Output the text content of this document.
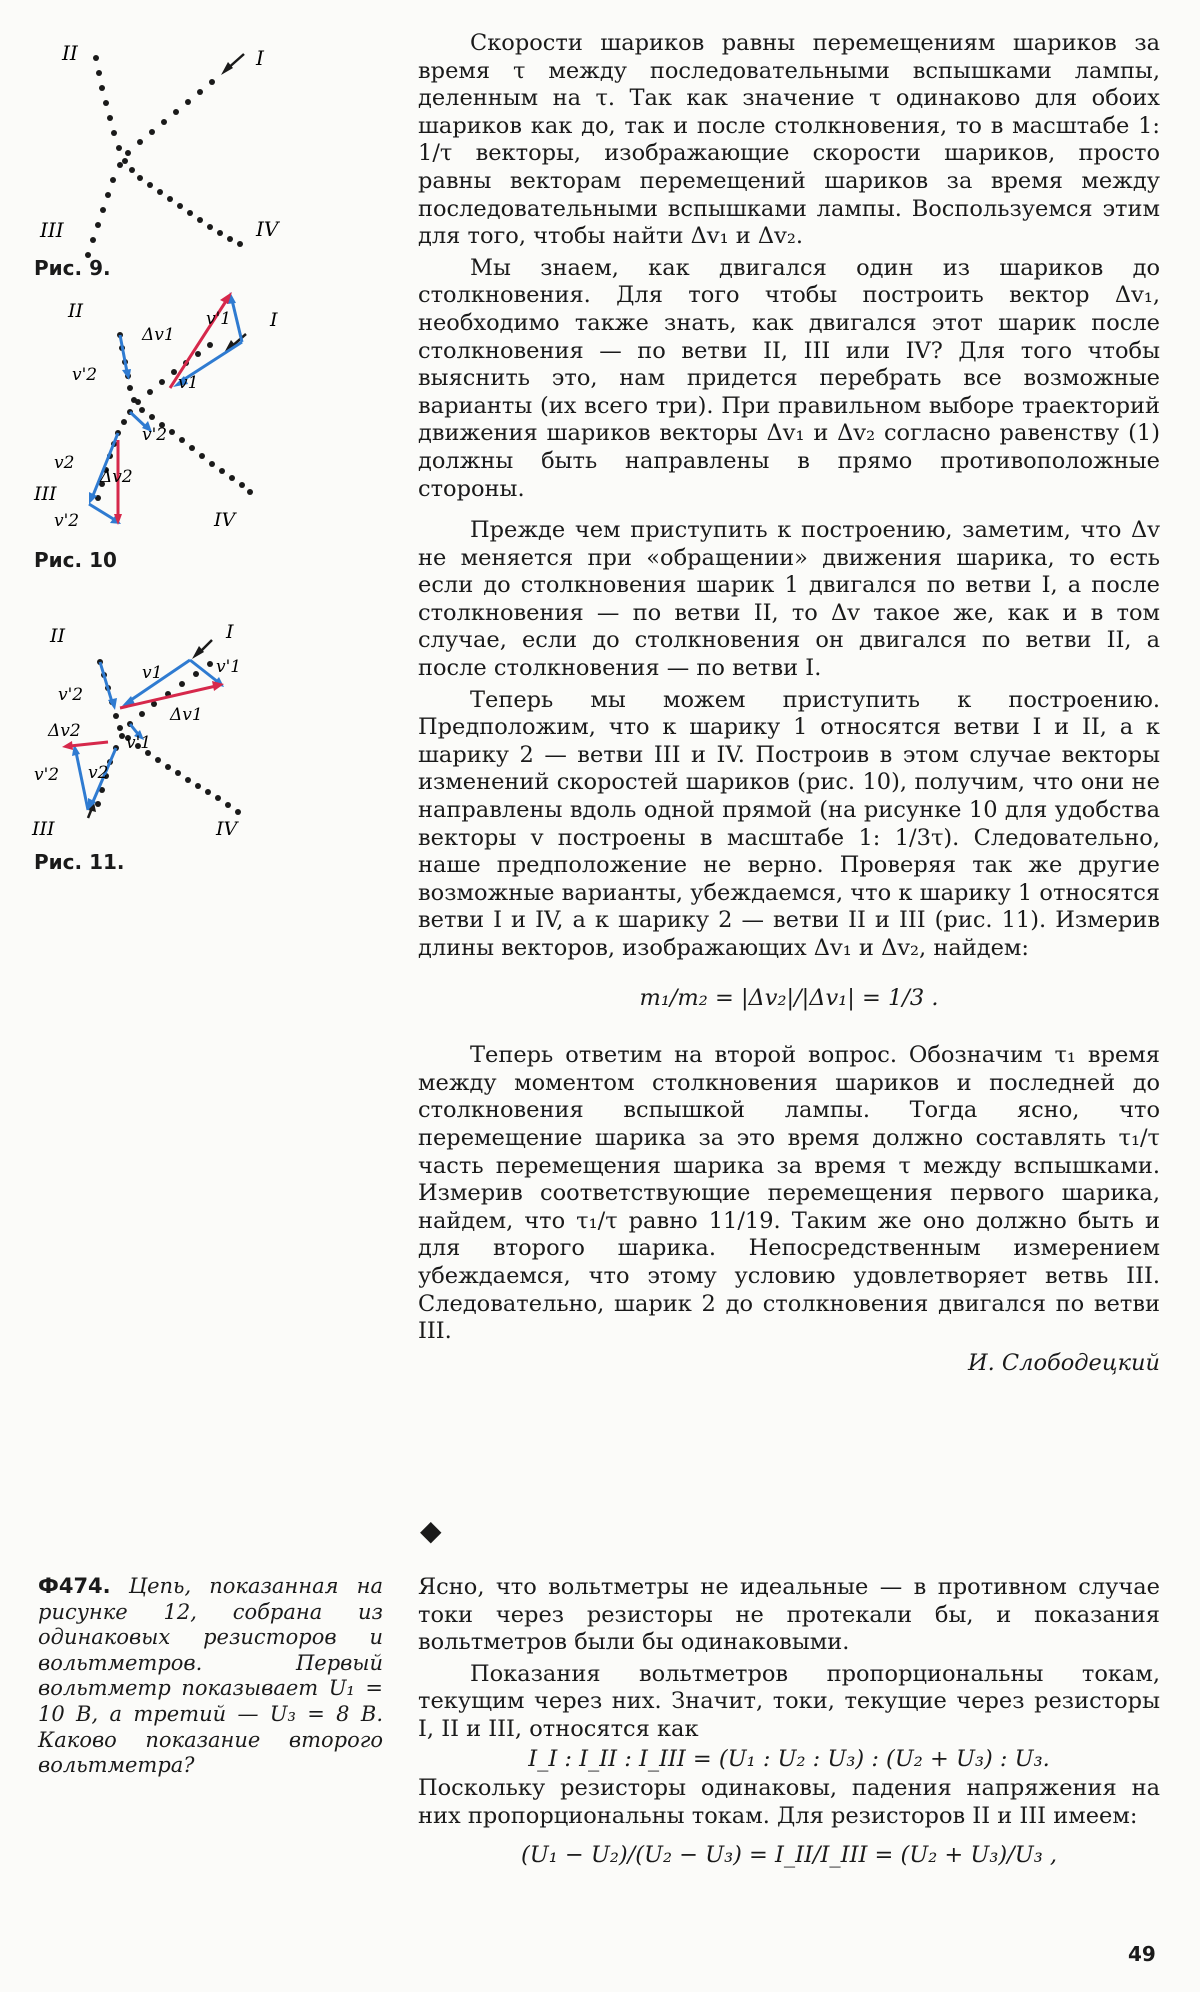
II	I
III	IV
Рис. 9.
II	I
III
IV
Δv1
v1
v'1
v'2
v'2
v2
Δv2
v'2
Рис. 10
II	I
III	IV
v1	v'1
Δv1
v'2
Δv2
v'1
v'2 v2
Рис. 11.

Скорости шариков равны перемещениям шариков за время τ между последовательными вспышками лампы, деленным на τ. Так как значение τ одинаково для обоих шариков как до, так и после столкновения, то в масштабе 1: 1/τ векторы, изображающие скорости шариков, просто равны векторам перемещений шариков за время между последовательными вспышками лампы. Воспользуемся этим для того, чтобы найти Δv₁ и Δv₂.

Мы знаем, как двигался один из шариков до столкновения. Для того чтобы построить вектор Δv₁, необходимо также знать, как двигался этот шарик после столкновения — по ветви II, III или IV? Для того чтобы выяснить это, нам придется перебрать все возможные варианты (их всего три). При правильном выборе траекторий движения шариков векторы Δv₁ и Δv₂ согласно равенству (1) должны быть направлены в прямо противоположные стороны.

Прежде чем приступить к построению, заметим, что Δv не меняется при «обращении» движения шарика, то есть если до столкновения шарик 1 двигался по ветви I, а после столкновения — по ветви II, то Δv такое же, как и в том случае, если до столкновения он двигался по ветви II, а после столкновения — по ветви I.

Теперь мы можем приступить к построению. Предположим, что к шарику 1 относятся ветви I и II, а к шарику 2 — ветви III и IV. Построив в этом случае векторы изменений скоростей шариков (рис. 10), получим, что они не направлены вдоль одной прямой (на рисунке 10 для удобства векторы v построены в масштабе 1: 1/3τ). Следовательно, наше предположение не верно. Проверяя так же другие возможные варианты, убеждаемся, что к шарику 1 относятся ветви I и IV, а к шарику 2 — ветви II и III (рис. 11). Измерив длины векторов, изображающих Δv₁ и Δv₂, найдем:

m₁/m₂ = |Δv₂|/|Δv₁| = 1/3 .

Теперь ответим на второй вопрос. Обозначим τ₁ время между моментом столкновения шариков и последней до столкновения вспышкой лампы. Тогда ясно, что перемещение шарика за это время должно составлять τ₁/τ часть перемещения шарика за время τ между вспышками. Измерив соответствующие перемещения первого шарика, найдем, что τ₁/τ равно 11/19. Таким же оно должно быть и для второго шарика. Непосредственным измерением убеждаемся, что этому условию удовлетворяет ветвь III. Следовательно, шарик 2 до столкновения двигался по ветви III.

И. Слободецкий

◆
Ф474. Цепь, показанная на рисунке 12, собрана из одинаковых резисторов и вольтметров. Первый вольтметр показывает U₁ = 10 В, а третий — U₃ = 8 В. Каково показание второго вольтметра?

Ясно, что вольтметры не идеальные — в противном случае токи через резисторы не протекали бы, и показания вольтметров были бы одинаковыми.

Показания вольтметров пропорциональны токам, текущим через них. Значит, токи, текущие через резисторы I, II и III, относятся как

I_I : I_II : I_III = (U₁ : U₂ : U₃) : (U₂ + U₃) : U₃.

Поскольку резисторы одинаковы, падения напряжения на них пропорциональны токам. Для резисторов II и III имеем:

(U₁ − U₂)/(U₂ − U₃) = I_II/I_III = (U₂ + U₃)/U₃ ,
49
